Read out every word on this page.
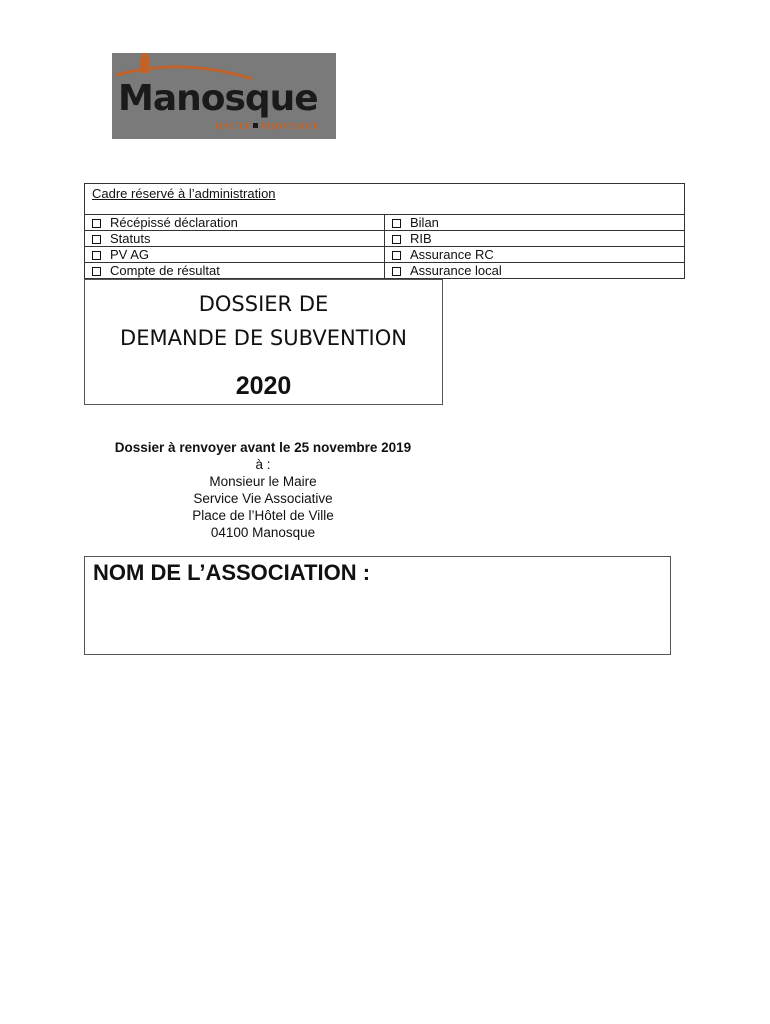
Manosque
HAUTE PROVENCE
Cadre réservé à l’administration
Récépissé déclaration
Statuts
PV AG
Compte de résultat
Bilan
RIB
Assurance RC
Assurance local
DOSSIER DE
DEMANDE DE SUBVENTION
2020
Dossier à renvoyer avant le 25 novembre 2019
à :
Monsieur le Maire
Service Vie Associative
Place de l’Hôtel de Ville
04100 Manosque
NOM DE L’ASSOCIATION :
